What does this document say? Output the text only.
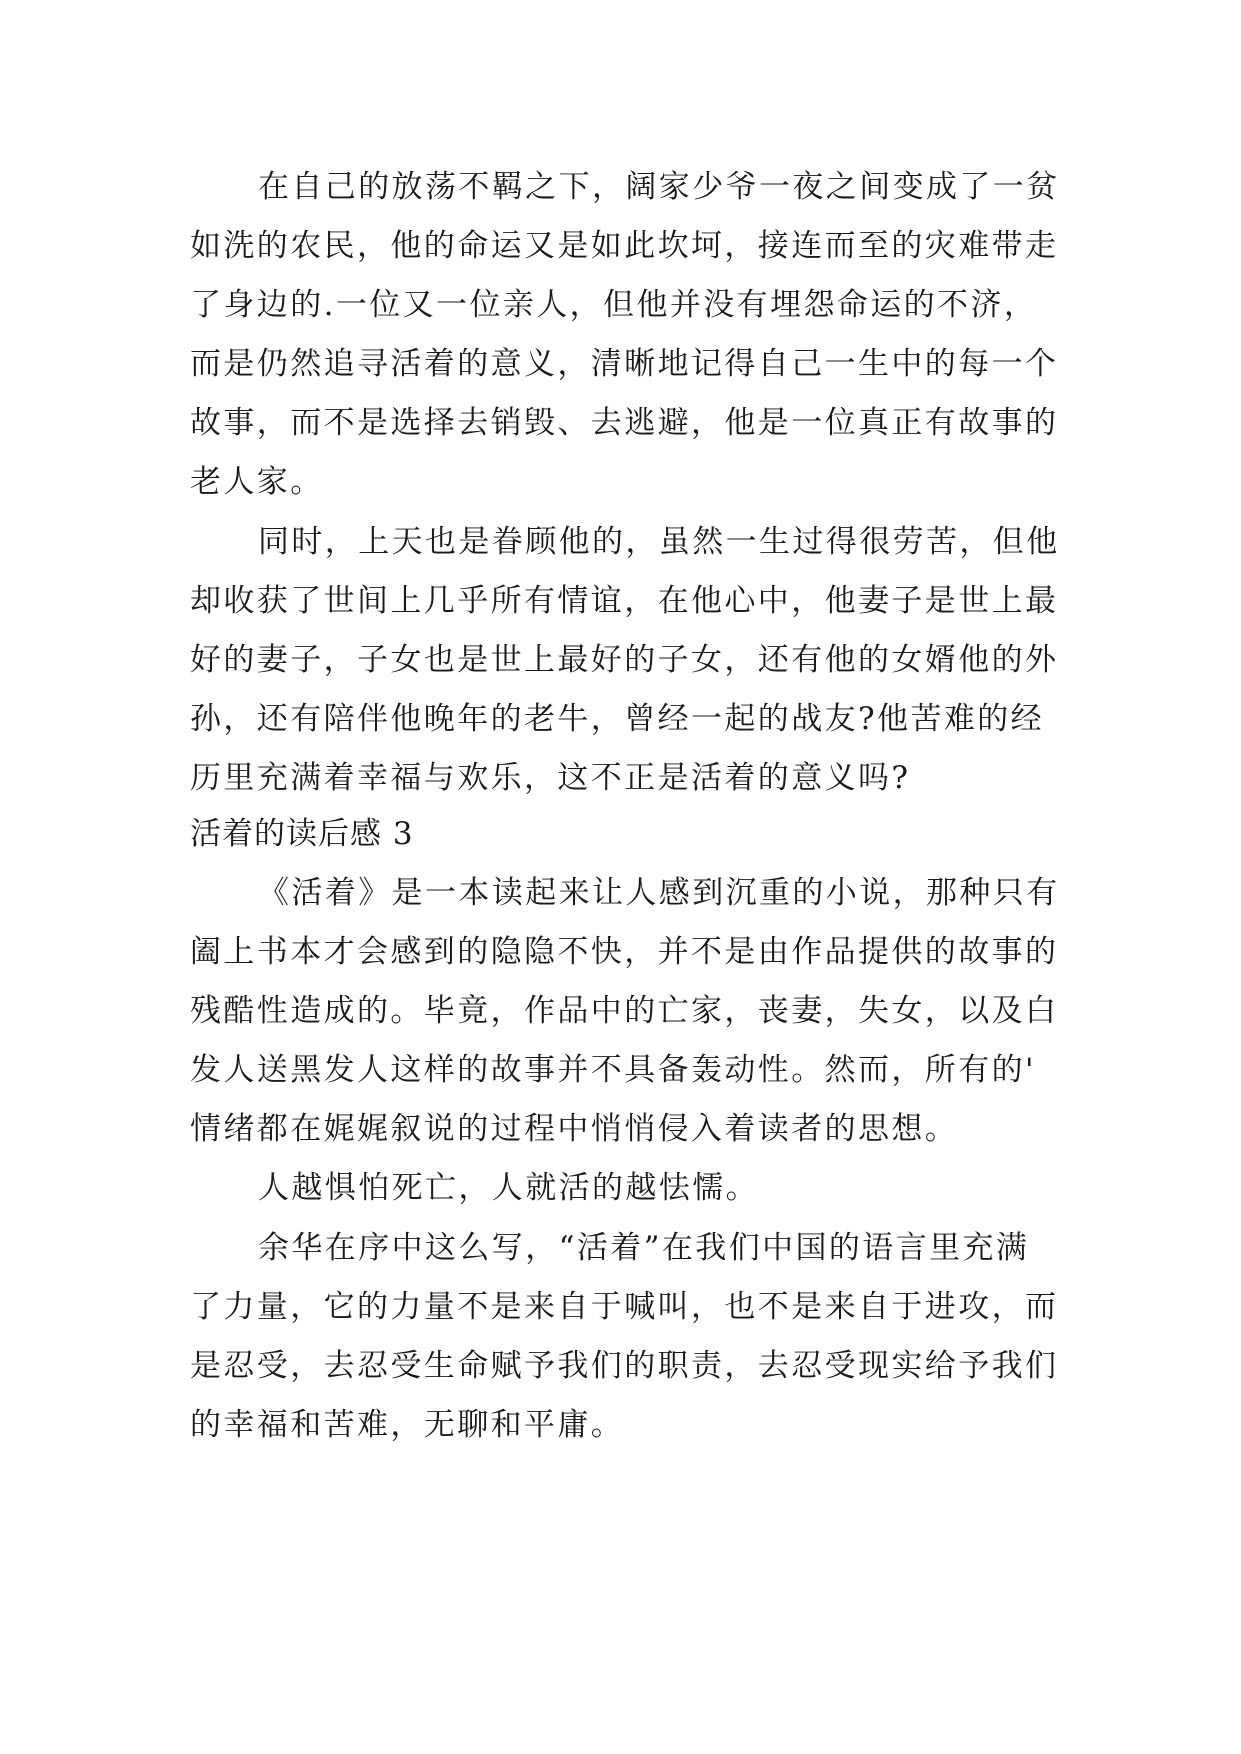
在自己的放荡不羁之下，阔家少爷一夜之间变成了一贫
如洗的农民，他的命运又是如此坎坷，接连而至的灾难带走
了身边的.一位又一位亲人，但他并没有埋怨命运的不济，
而是仍然追寻活着的意义，清晰地记得自己一生中的每一个
故事，而不是选择去销毁、去逃避，他是一位真正有故事的
老人家。
同时，上天也是眷顾他的，虽然一生过得很劳苦，但他
却收获了世间上几乎所有情谊，在他心中，他妻子是世上最
好的妻子，子女也是世上最好的子女，还有他的女婿他的外
孙，还有陪伴他晚年的老牛，曾经一起的战友?他苦难的经
历里充满着幸福与欢乐，这不正是活着的意义吗?
活着的读后感 3
《活着》是一本读起来让人感到沉重的小说，那种只有
阖上书本才会感到的隐隐不快，并不是由作品提供的故事的
残酷性造成的。毕竟，作品中的亡家，丧妻，失女，以及白
发人送黑发人这样的故事并不具备轰动性。然而，所有的'
情绪都在娓娓叙说的过程中悄悄侵入着读者的思想。
人越惧怕死亡，人就活的越怯懦。
余华在序中这么写，“活着”在我们中国的语言里充满
了力量，它的力量不是来自于喊叫，也不是来自于进攻，而
是忍受，去忍受生命赋予我们的职责，去忍受现实给予我们
的幸福和苦难，无聊和平庸。
